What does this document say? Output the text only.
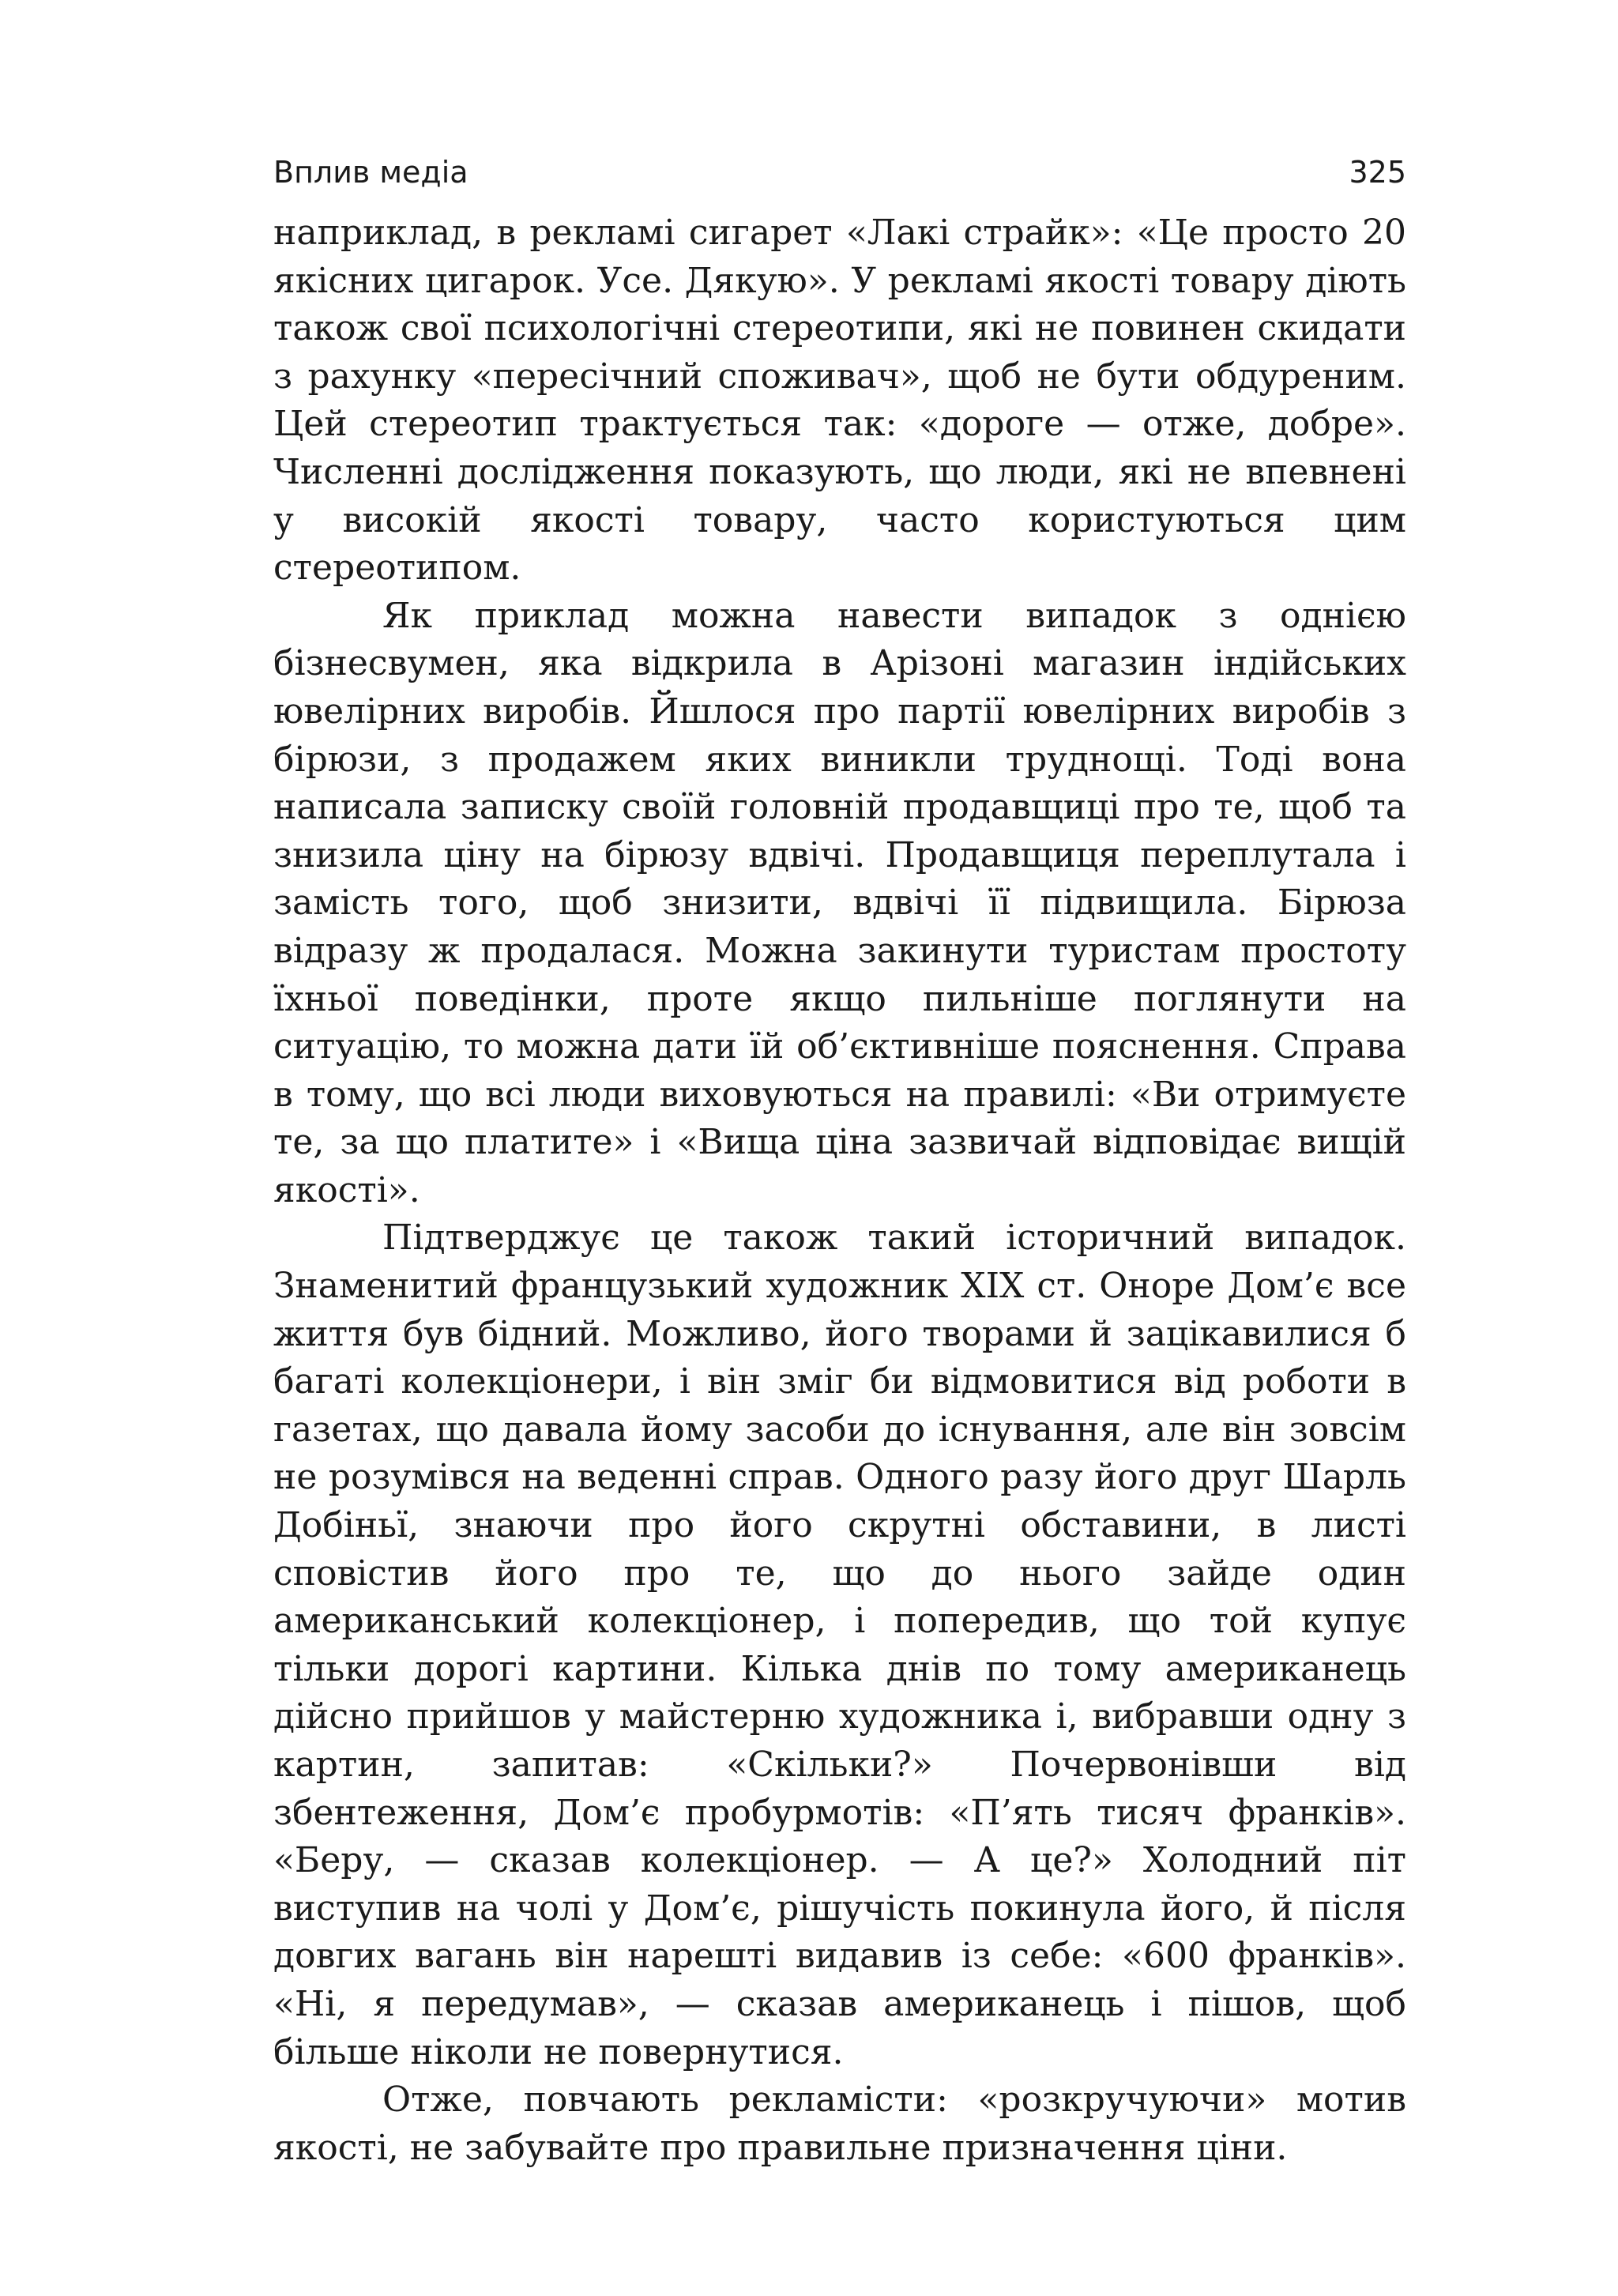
Вплив медіа	325

наприклад, в рекламі сигарет «Лакі страйк»: «Це просто 20 якісних цигарок. Усе. Дякую». У рекламі якості товару діють також свої психологічні стереотипи, які не повинен скидати з рахунку «пересічний споживач», щоб не бути обдуреним. Цей стереотип трактується так: «дороге — отже, добре». Численні дослідження показують, що люди, які не впевнені у високій якості товару, часто користуються цим стереотипом.

Як приклад можна навести випадок з однією бізнесвумен, яка відкрила в Арізоні магазин індійських ювелірних виробів. Йшлося про партії ювелірних виробів з бірюзи, з продажем яких виникли труднощі. Тоді вона написала записку своїй головній продавщиці про те, щоб та знизила ціну на бірюзу вдвічі. Продавщиця переплутала і замість того, щоб знизити, вдвічі її підвищила. Бірюза відразу ж продалася. Можна закинути туристам простоту їхньої поведінки, проте якщо пильніше поглянути на ситуацію, то можна дати їй об’єктивніше пояснення. Справа в тому, що всі люди виховуються на правилі: «Ви отримуєте те, за що платите» і «Вища ціна зазвичай відповідає вищій якості».

Підтверджує це також такий історичний випадок. Знаменитий французький художник XIX ст. Оноре Дом’є все життя був бідний. Можливо, його творами й зацікавилися б багаті колекціонери, і він зміг би відмовитися від роботи в газетах, що давала йому засоби до існування, але він зовсім не розумівся на веденні справ. Одного разу його друг Шарль Добіньї, знаючи про його скрутні обставини, в листі сповістив його про те, що до нього зайде один американський колекціонер, і попередив, що той купує тільки дорогі картини. Кілька днів по тому американець дійсно прийшов у майстерню художника і, вибравши одну з картин, запитав: «Скільки?» Почервонівши від збентеження, Дом’є пробурмотів: «П’ять тисяч франків». «Беру, — сказав колекціонер. — А це?» Холодний піт виступив на чолі у Дом’є, рішучість покинула його, й після довгих вагань він нарешті видавив із себе: «600 франків». «Ні, я передумав», — сказав американець і пішов, щоб більше ніколи не повернутися.

Отже, повчають рекламісти: «розкручуючи» мотив якості, не забувайте про правильне призначення ціни.
